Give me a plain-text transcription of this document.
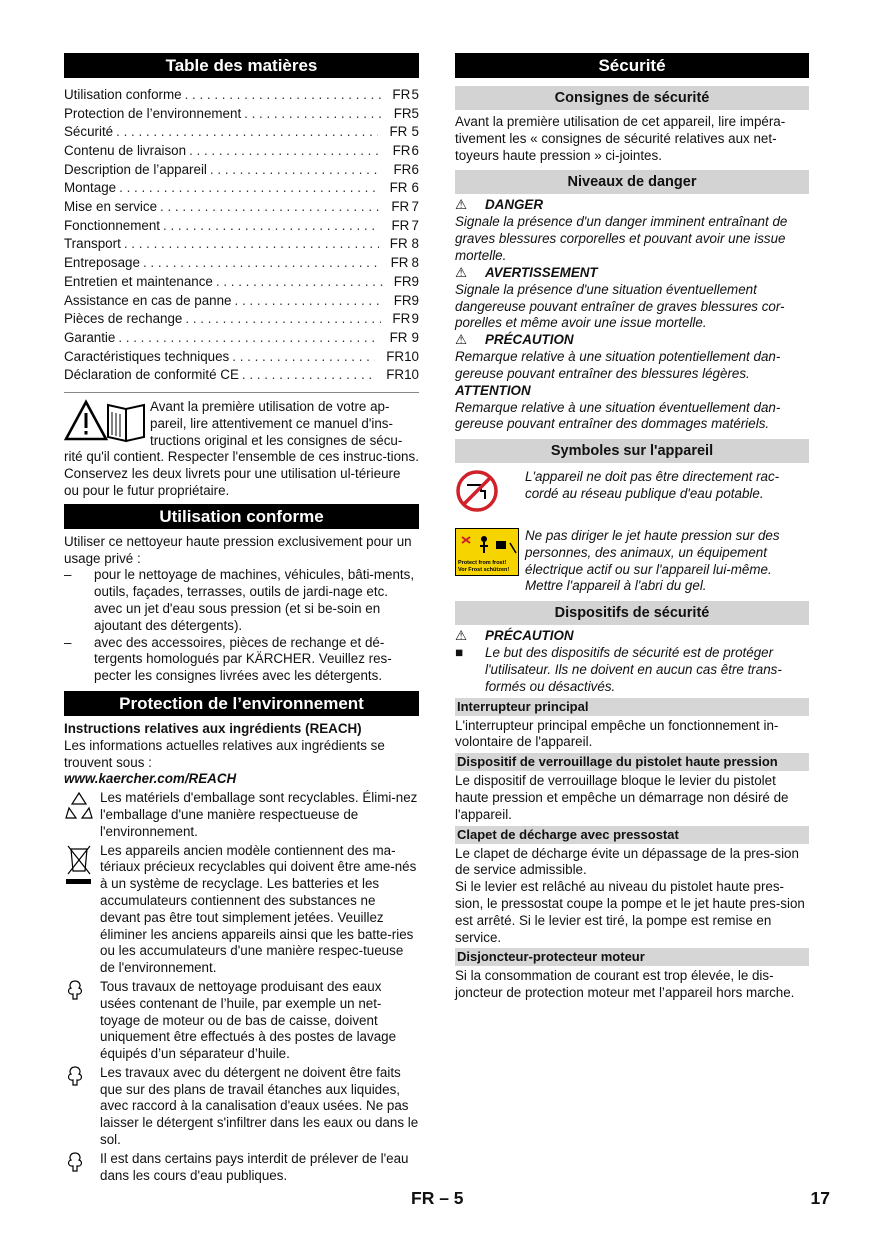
Table des matières
Utilisation conforme . . .	FR 5
Protection de l’environnement . . .	FR 5
Sécurité . . .	FR 5
Contenu de livraison . . .	FR 6
Description de l’appareil . . .	FR 6
Montage . . .	FR 6
Mise en service . . .	FR 7
Fonctionnement . . .	FR 7
Transport . . .	FR 8
Entreposage . . .	FR 8
Entretien et maintenance . . .	FR 9
Assistance en cas de panne . . .	FR 9
Pièces de rechange . . .	FR 9
Garantie . . .	FR 9
Caractéristiques techniques . . .	FR 10
Déclaration de conformité CE . . .	FR 10

Avant la première utilisation de votre ap-pareil, lire attentivement ce manuel d'ins-tructions original et les consignes de sécu-

rité qu'il contient. Respecter l'ensemble de ces instruc-tions. Conservez les deux livrets pour une utilisation ul-térieure ou pour le futur propriétaire.

Utilisation conforme

Utiliser ce nettoyeur haute pression exclusivement pour un usage privé :

–	pour le nettoyage de machines, véhicules, bâti-ments, outils, façades, terrasses, outils de jardi-nage etc. avec un jet d'eau sous pression (et si be-soin en ajoutant des détergents).
–	avec des accessoires, pièces de rechange et dé-tergents homologués par KÄRCHER. Veuillez res-pecter les consignes livrées avec les détergents.
Protection de l’environnement

Instructions relatives aux ingrédients (REACH)

Les informations actuelles relatives aux ingrédients se trouvent sous :

www.kaercher.com/REACH

Les matériels d'emballage sont recyclables. Élimi-nez l'emballage d'une manière respectueuse de l'environnement.

Les appareils ancien modèle contiennent des ma-tériaux précieux recyclables qui doivent être ame-nés à un système de recyclage. Les batteries et les accumulateurs contiennent des substances ne devant pas être tout simplement jetées. Veuillez éliminer les anciens appareils ainsi que les batte-ries ou les accumulateurs d'une manière respec-tueuse de l'environnement.

Tous travaux de nettoyage produisant des eaux usées contenant de l’huile, par exemple un net-toyage de moteur ou de bas de caisse, doivent uniquement être effectués à des postes de lavage équipés d’un séparateur d’huile.

Les travaux avec du détergent ne doivent être faits que sur des plans de travail étanches aux liquides, avec raccord à la canalisation d'eaux usées. Ne pas laisser le détergent s'infiltrer dans les eaux ou dans le sol.

Il est dans certains pays interdit de prélever de l'eau dans les cours d'eau publiques.

Sécurité
Consignes de sécurité

Avant la première utilisation de cet appareil, lire impéra-tivement les « consignes de sécurité relatives aux net-toyeurs haute pression » ci-jointes.

Niveaux de danger
⚠	DANGER

Signale la présence d'un danger imminent entraînant de graves blessures corporelles et pouvant avoir une issue mortelle.

⚠	AVERTISSEMENT

Signale la présence d'une situation éventuellement dangereuse pouvant entraîner de graves blessures cor-porelles et même avoir une issue mortelle.

⚠	PRÉCAUTION

Remarque relative à une situation potentiellement dan-gereuse pouvant entraîner des blessures légères.

ATTENTION

Remarque relative à une situation éventuellement dan-gereuse pouvant entraîner des dommages matériels.

Symboles sur l'appareil

L'appareil ne doit pas être directement rac-cordé au réseau publique d'eau potable.

Protect from frost!
Vor Frost schützen!

Ne pas diriger le jet haute pression sur des personnes, des animaux, un équipement électrique actif ou sur l'appareil lui-même. Mettre l'appareil à l'abri du gel.

Dispositifs de sécurité
⚠	PRÉCAUTION
■	Le but des dispositifs de sécurité est de protéger l'utilisateur. Ils ne doivent en aucun cas être trans-formés ou désactivés.
Interrupteur principal

L'interrupteur principal empêche un fonctionnement in-volontaire de l'appareil.

Dispositif de verrouillage du pistolet haute pression

Le dispositif de verrouillage bloque le levier du pistolet haute pression et empêche un démarrage non désiré de l'appareil.

Clapet de décharge avec pressostat

Le clapet de décharge évite un dépassage de la pres-sion de service admissible.

Si le levier est relâché au niveau du pistolet haute pres-sion, le pressostat coupe la pompe et le jet haute pres-sion est arrêté. Si le levier est tiré, la pompe est remise en service.

Disjoncteur-protecteur moteur

Si la consommation de courant est trop élevée, le dis-joncteur de protection moteur met l’appareil hors marche.

FR – 5	17
